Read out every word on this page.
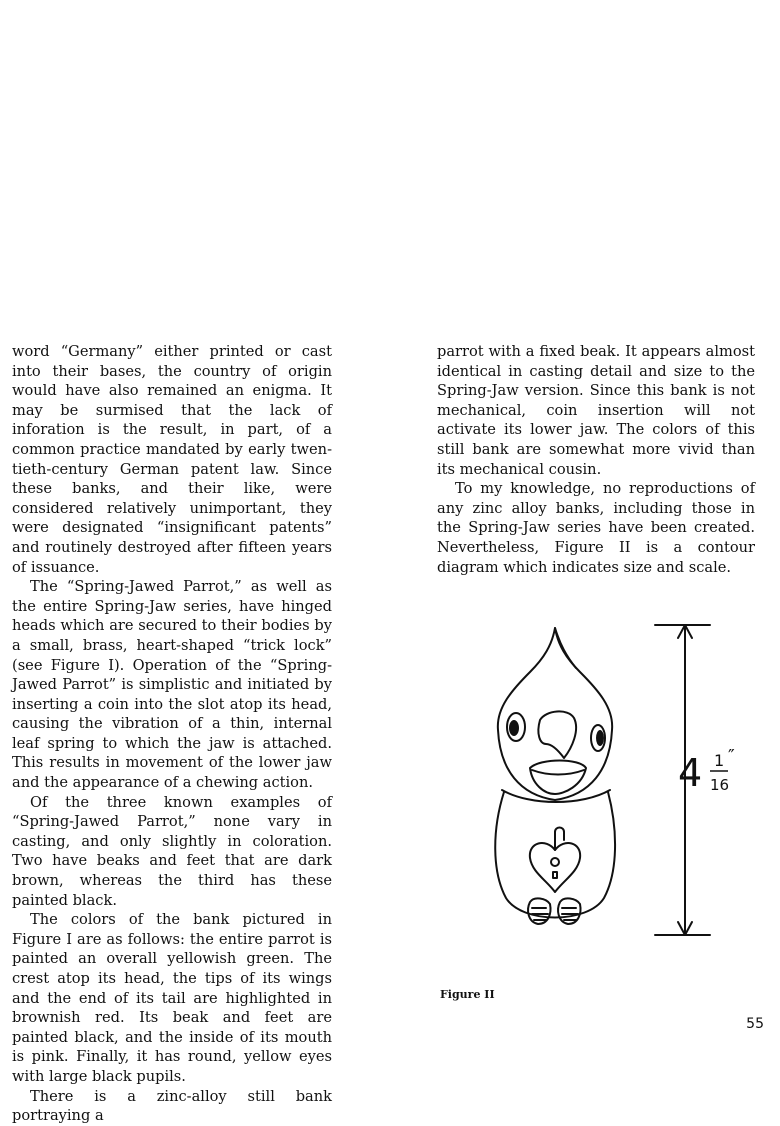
word “Germany” either printed or cast into their bases, the country of origin would have also remained an enigma. It may be surmised that the lack of inforation is the result, in part, of a common practice mandated by early twentieth-century German patent law. Since these banks, and their like, were considered relatively unimportant, they were designated “insignificant patents” and routinely destroyed after fifteen years of issuance.

The “Spring-Jawed Parrot,” as well as the entire Spring-Jaw series, have hinged heads which are secured to their bodies by a small, brass, heart-shaped “trick lock” (see Figure I). Operation of the “Spring-Jawed Parrot” is simplistic and initiated by inserting a coin into the slot atop its head, causing the vibration of a thin, internal leaf spring to which the jaw is attached. This results in movement of the lower jaw and the appearance of a chewing action.

Of the three known examples of “Spring-Jawed Parrot,” none vary in casting, and only slightly in coloration. Two have beaks and feet that are dark brown, whereas the third has these painted black.

The colors of the bank pictured in Figure I are as follows: the entire parrot is painted an overall yellowish green. The crest atop its head, the tips of its wings and the end of its tail are highlighted in brownish red. Its beak and feet are painted black, and the inside of its mouth is pink. Finally, it has round, yellow eyes with large black pupils.

There is a zinc-alloy still bank portraying a

parrot with a fixed beak. It appears almost identical in casting detail and size to the Spring-Jaw version. Since this bank is not mechanical, coin insertion will not activate its lower jaw. The colors of this still bank are somewhat more vivid than its mechanical cousin.

To my knowledge, no reproductions of any zinc alloy banks, including those in the Spring-Jaw series have been created. Nevertheless, Figure II is a contour diagram which indicates size and scale.

4 1
16
″
Figure II
55
